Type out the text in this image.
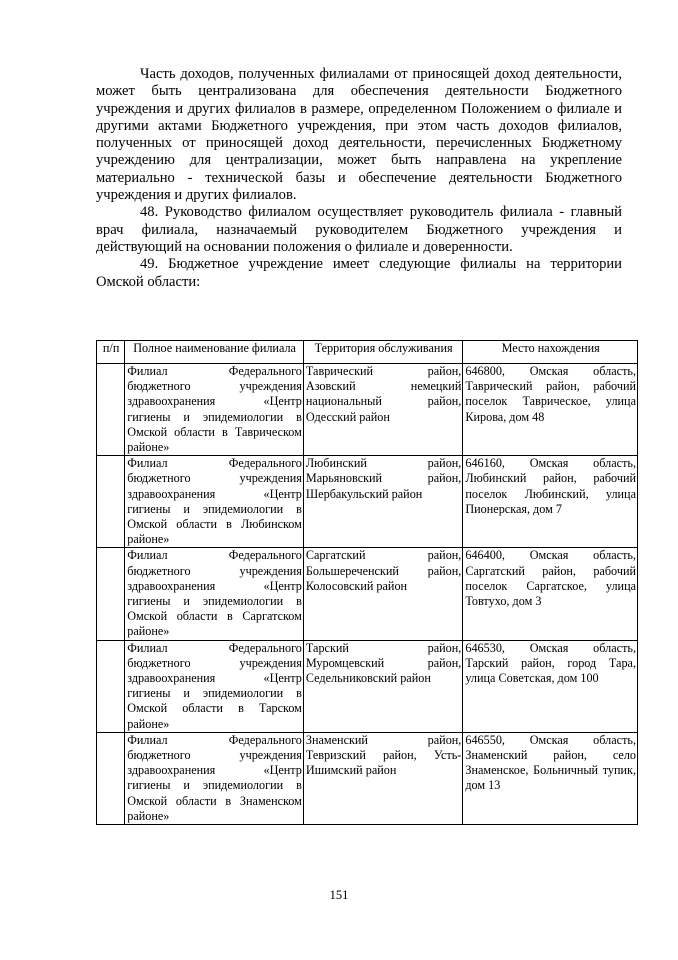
Часть доходов, полученных филиалами от приносящей доход деятельности, может быть централизована для обеспечения деятельности Бюджетного учреждения и других филиалов в размере, определенном Положением о филиале и другими актами Бюджетного учреждения, при этом часть доходов филиалов, полученных от приносящей доход деятельности, перечисленных Бюджетному учреждению для централизации, может быть направлена на укрепление материально - технической базы и обеспечение деятельности Бюджетного учреждения и других филиалов.

48. Руководство филиалом осуществляет руководитель филиала - главный врач филиала, назначаемый руководителем Бюджетного учреждения и действующий на основании положения о филиале и доверенности.

49. Бюджетное учреждение имеет следующие филиалы на территории Омской области:

п/п	Полное наименование филиала	Территория обслуживания	Место нахождения
	Филиал Федерального бюджетного учреждения здравоохранения «Центр гигиены и эпидемиологии в Омской области в Таврическом районе»	Таврический район, Азовский немецкий национальный район, Одесский район	646800, Омская область, Таврический район, рабочий поселок Таврическое, улица Кирова, дом 48
	Филиал Федерального бюджетного учреждения здравоохранения «Центр гигиены и эпидемиологии в Омской области в Любинском районе»	Любинский район, Марьяновский район, Шербакульский район	646160, Омская область, Любинский район, рабочий поселок Любинский, улица Пионерская, дом 7
	Филиал Федерального бюджетного учреждения здравоохранения «Центр гигиены и эпидемиологии в Омской области в Саргатском районе»	Саргатский район, Большереченский район, Колосовский район	646400, Омская область, Саргатский район, рабочий поселок Саргатское, улица Товтухо, дом 3
	Филиал Федерального бюджетного учреждения здравоохранения «Центр гигиены и эпидемиологии в Омской области в Тарском районе»	Тарский район, Муромцевский район, Седельниковский район	646530, Омская область, Тарский район, город Тара, улица Советская, дом 100
	Филиал Федерального бюджетного учреждения здравоохранения «Центр гигиены и эпидемиологии в Омской области в Знаменском районе»	Знаменский район, Тевризский район, Усть-Ишимский район	646550, Омская область, Знаменский район, село Знаменское, Больничный тупик, дом 13
151
